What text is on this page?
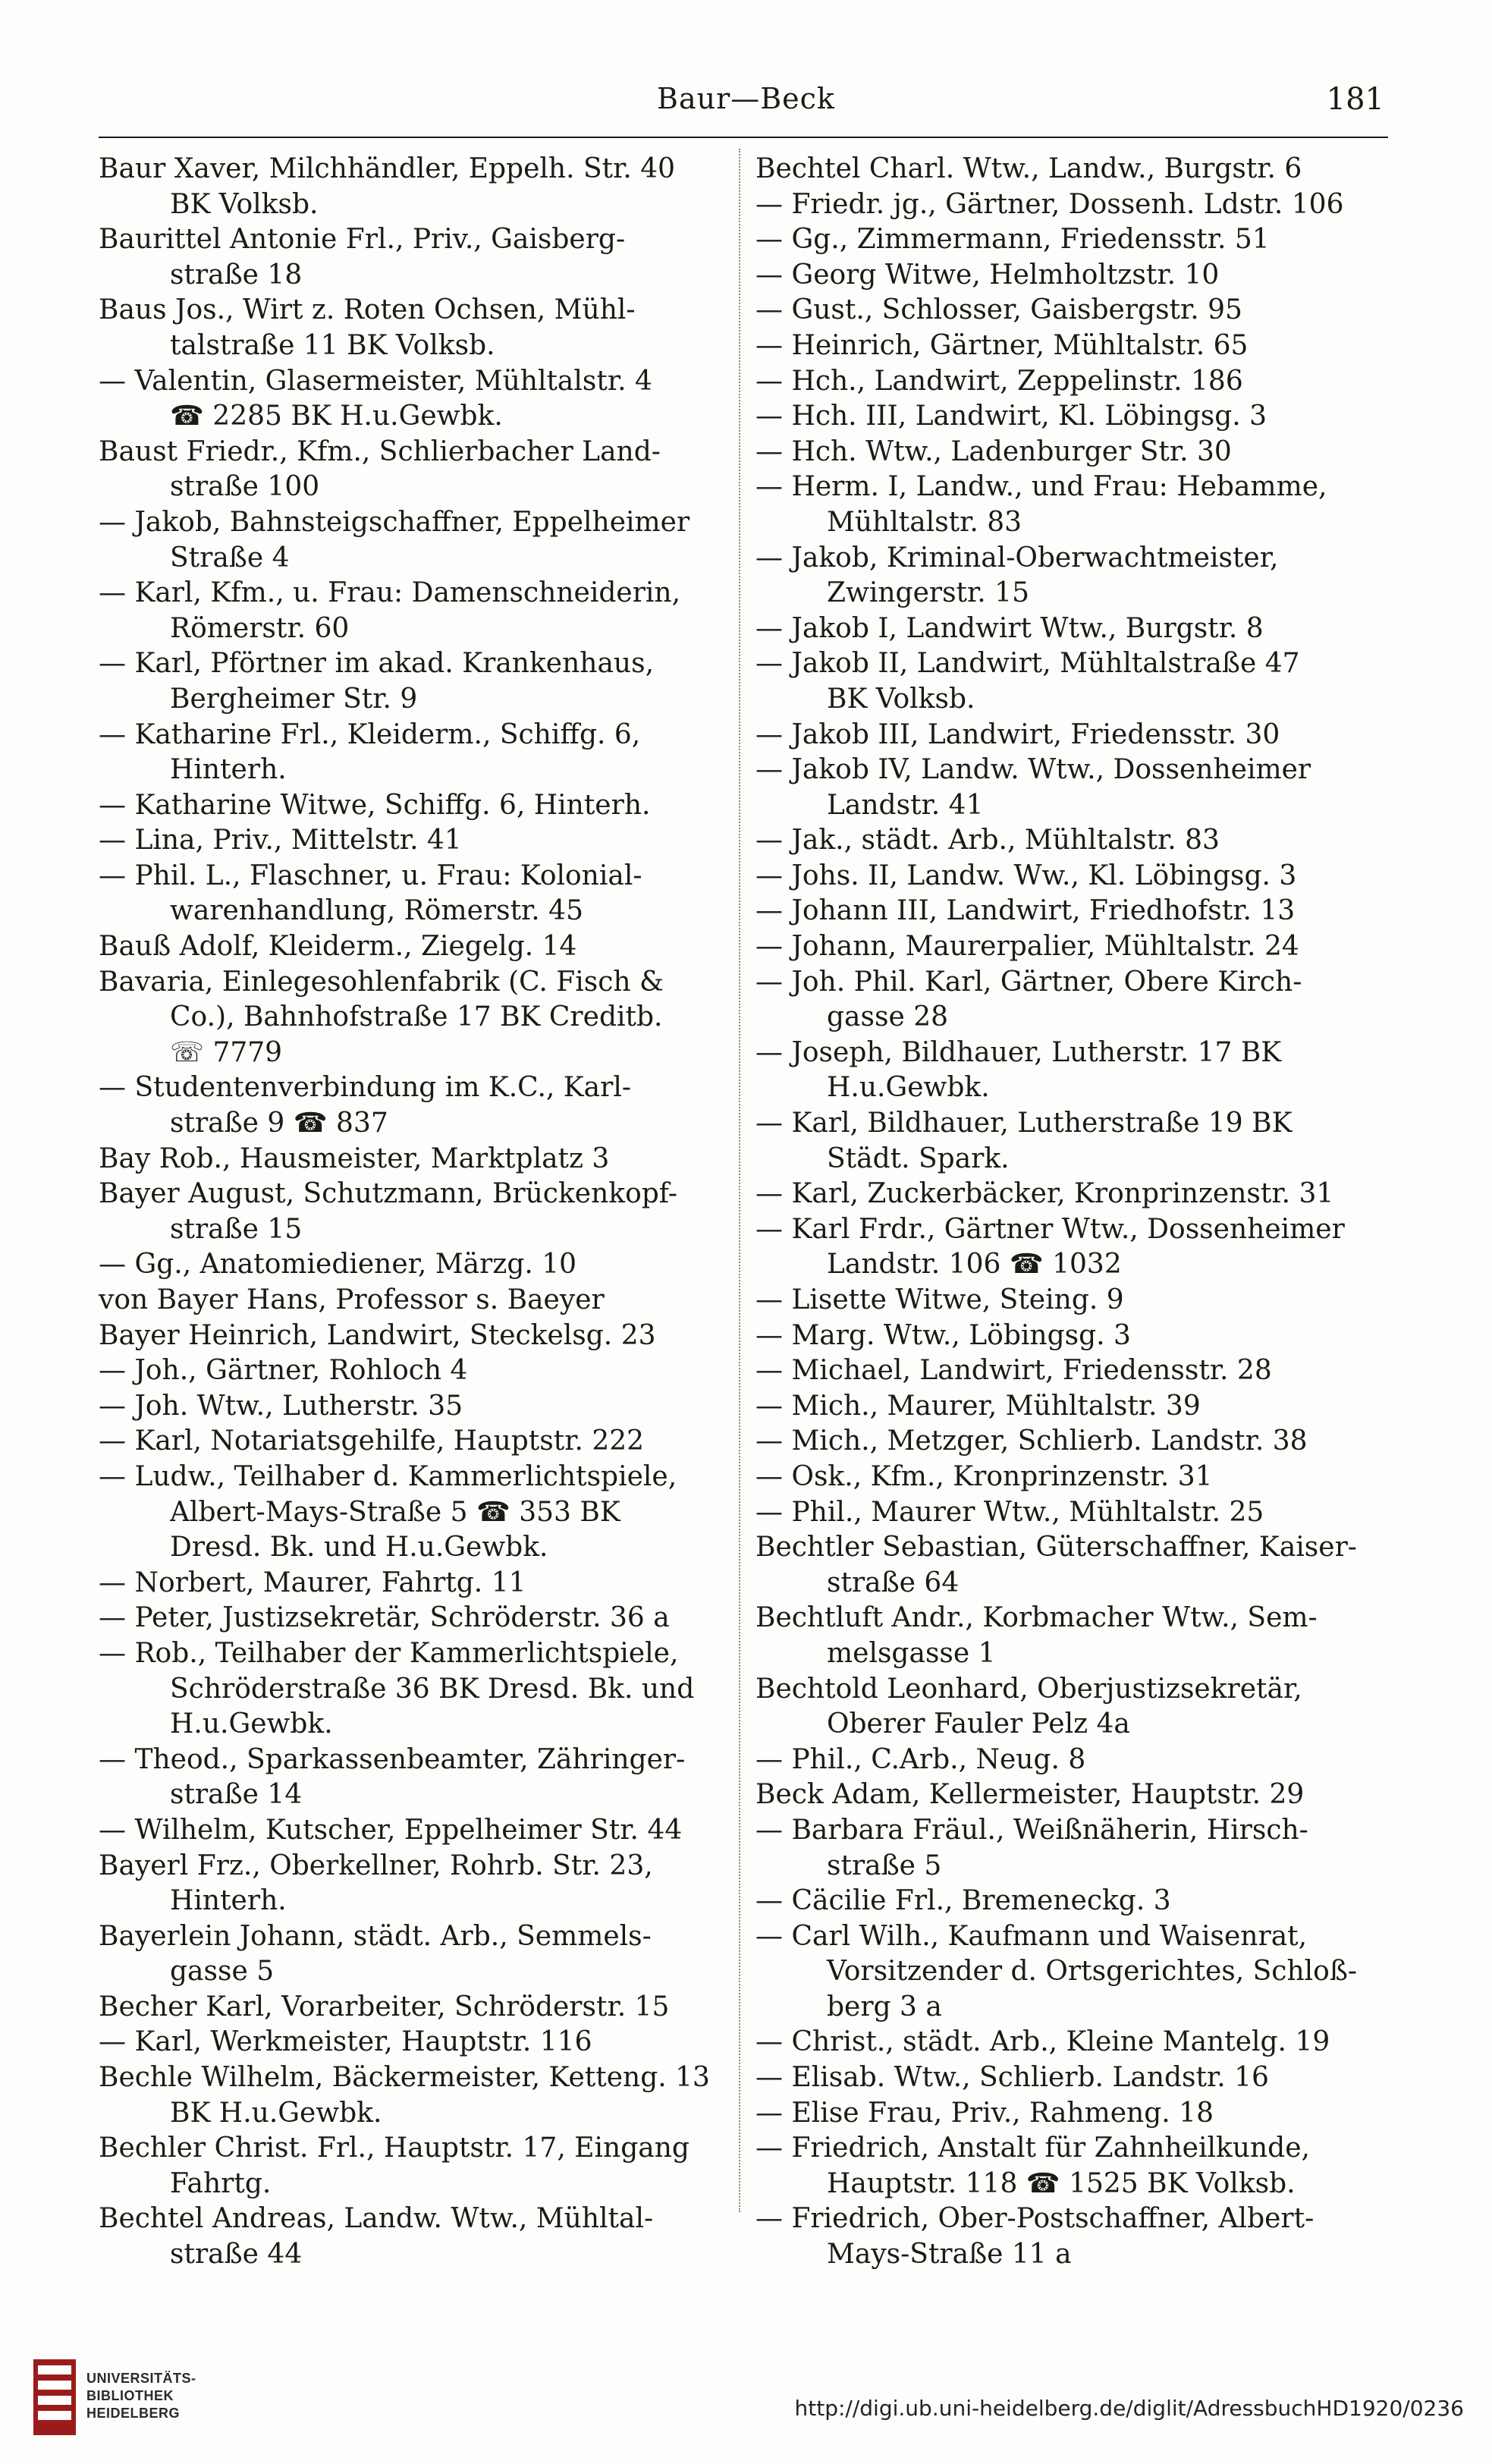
Baur—Beck	181
Baur Xaver, Milchhändler, Eppelh. Str. 40
BK Volksb.
Baurittel Antonie Frl., Priv., Gaisberg-
straße 18
Baus Jos., Wirt z. Roten Ochsen, Mühl-
talstraße 11 BK Volksb.
— Valentin, Glasermeister, Mühltalstr. 4
☎ 2285 BK H.u.Gewbk.
Baust Friedr., Kfm., Schlierbacher Land-
straße 100
— Jakob, Bahnsteigschaffner, Eppelheimer
Straße 4
— Karl, Kfm., u. Frau: Damenschneiderin,
Römerstr. 60
— Karl, Pförtner im akad. Krankenhaus,
Bergheimer Str. 9
— Katharine Frl., Kleiderm., Schiffg. 6,
Hinterh.
— Katharine Witwe, Schiffg. 6, Hinterh.
— Lina, Priv., Mittelstr. 41
— Phil. L., Flaschner, u. Frau: Kolonial-
warenhandlung, Römerstr. 45
Bauß Adolf, Kleiderm., Ziegelg. 14
Bavaria, Einlegesohlenfabrik (C. Fisch &
Co.), Bahnhofstraße 17 BK Creditb.
☏ 7779
— Studentenverbindung im K.C., Karl-
straße 9 ☎ 837
Bay Rob., Hausmeister, Marktplatz 3
Bayer August, Schutzmann, Brückenkopf-
straße 15
— Gg., Anatomiediener, Märzg. 10
von Bayer Hans, Professor s. Baeyer
Bayer Heinrich, Landwirt, Steckelsg. 23
— Joh., Gärtner, Rohloch 4
— Joh. Wtw., Lutherstr. 35
— Karl, Notariatsgehilfe, Hauptstr. 222
— Ludw., Teilhaber d. Kammerlichtspiele,
Albert-Mays-Straße 5 ☎ 353 BK
Dresd. Bk. und H.u.Gewbk.
— Norbert, Maurer, Fahrtg. 11
— Peter, Justizsekretär, Schröderstr. 36 a
— Rob., Teilhaber der Kammerlichtspiele,
Schröderstraße 36 BK Dresd. Bk. und
H.u.Gewbk.
— Theod., Sparkassenbeamter, Zähringer-
straße 14
— Wilhelm, Kutscher, Eppelheimer Str. 44
Bayerl Frz., Oberkellner, Rohrb. Str. 23,
Hinterh.
Bayerlein Johann, städt. Arb., Semmels-
gasse 5
Becher Karl, Vorarbeiter, Schröderstr. 15
— Karl, Werkmeister, Hauptstr. 116
Bechle Wilhelm, Bäckermeister, Ketteng. 13
BK H.u.Gewbk.
Bechler Christ. Frl., Hauptstr. 17, Eingang
Fahrtg.
Bechtel Andreas, Landw. Wtw., Mühltal-
straße 44
Bechtel Charl. Wtw., Landw., Burgstr. 6
— Friedr. jg., Gärtner, Dossenh. Ldstr. 106
— Gg., Zimmermann, Friedensstr. 51
— Georg Witwe, Helmholtzstr. 10
— Gust., Schlosser, Gaisbergstr. 95
— Heinrich, Gärtner, Mühltalstr. 65
— Hch., Landwirt, Zeppelinstr. 186
— Hch. III, Landwirt, Kl. Löbingsg. 3
— Hch. Wtw., Ladenburger Str. 30
— Herm. I, Landw., und Frau: Hebamme,
Mühltalstr. 83
— Jakob, Kriminal-Oberwachtmeister,
Zwingerstr. 15
— Jakob I, Landwirt Wtw., Burgstr. 8
— Jakob II, Landwirt, Mühltalstraße 47
BK Volksb.
— Jakob III, Landwirt, Friedensstr. 30
— Jakob IV, Landw. Wtw., Dossenheimer
Landstr. 41
— Jak., städt. Arb., Mühltalstr. 83
— Johs. II, Landw. Ww., Kl. Löbingsg. 3
— Johann III, Landwirt, Friedhofstr. 13
— Johann, Maurerpalier, Mühltalstr. 24
— Joh. Phil. Karl, Gärtner, Obere Kirch-
gasse 28
— Joseph, Bildhauer, Lutherstr. 17 BK
H.u.Gewbk.
— Karl, Bildhauer, Lutherstraße 19 BK
Städt. Spark.
— Karl, Zuckerbäcker, Kronprinzenstr. 31
— Karl Frdr., Gärtner Wtw., Dossenheimer
Landstr. 106 ☎ 1032
— Lisette Witwe, Steing. 9
— Marg. Wtw., Löbingsg. 3
— Michael, Landwirt, Friedensstr. 28
— Mich., Maurer, Mühltalstr. 39
— Mich., Metzger, Schlierb. Landstr. 38
— Osk., Kfm., Kronprinzenstr. 31
— Phil., Maurer Wtw., Mühltalstr. 25
Bechtler Sebastian, Güterschaffner, Kaiser-
straße 64
Bechtluft Andr., Korbmacher Wtw., Sem-
melsgasse 1
Bechtold Leonhard, Oberjustizsekretär,
Oberer Fauler Pelz 4a
— Phil., C.Arb., Neug. 8
Beck Adam, Kellermeister, Hauptstr. 29
— Barbara Fräul., Weißnäherin, Hirsch-
straße 5
— Cäcilie Frl., Bremeneckg. 3
— Carl Wilh., Kaufmann und Waisenrat,
Vorsitzender d. Ortsgerichtes, Schloß-
berg 3 a
— Christ., städt. Arb., Kleine Mantelg. 19
— Elisab. Wtw., Schlierb. Landstr. 16
— Elise Frau, Priv., Rahmeng. 18
— Friedrich, Anstalt für Zahnheilkunde,
Hauptstr. 118 ☎ 1525 BK Volksb.
— Friedrich, Ober-Postschaffner, Albert-
Mays-Straße 11 a
UNIVERSITÄTS-
BIBLIOTHEK
HEIDELBERG	http://digi.ub.uni-heidelberg.de/diglit/AdressbuchHD1920/0236
